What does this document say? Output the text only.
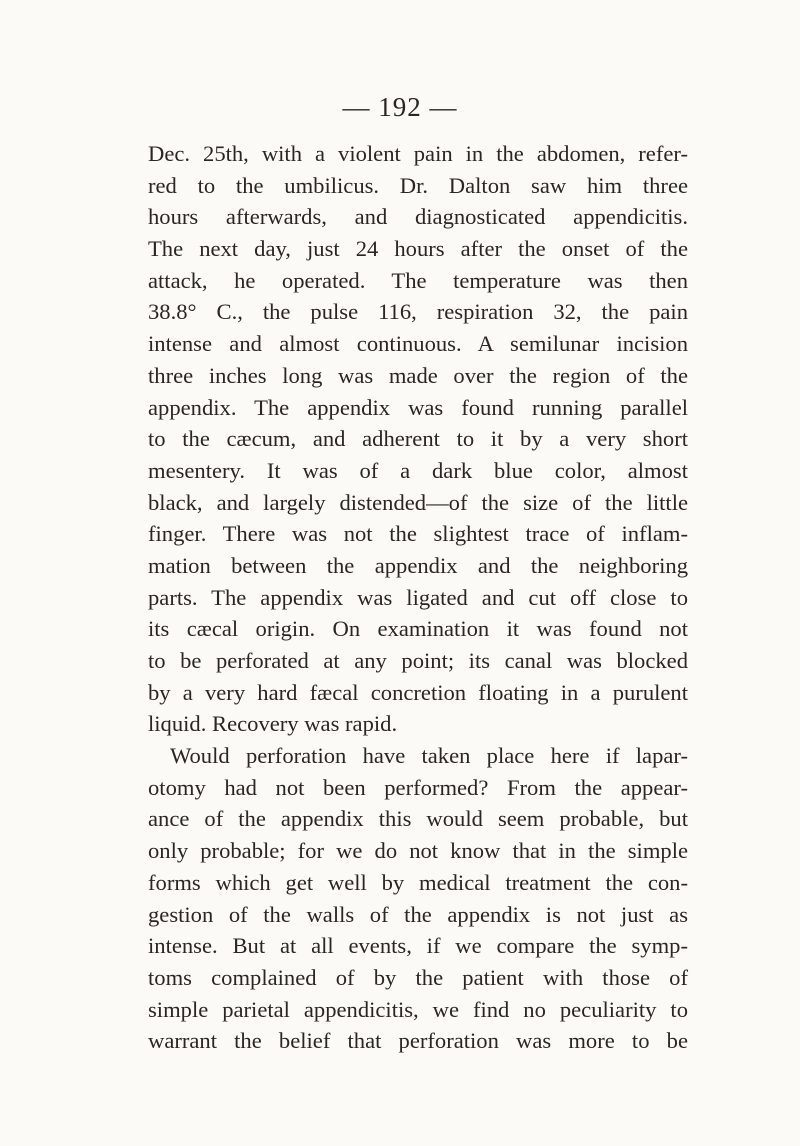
— 192 —
Dec. 25th, with a violent pain in the abdomen, refer-
red to the umbilicus. Dr. Dalton saw him three
hours afterwards, and diagnosticated appendicitis.
The next day, just 24 hours after the onset of the
attack, he operated. The temperature was then
38.8° C., the pulse 116, respiration 32, the pain
intense and almost continuous. A semilunar incision
three inches long was made over the region of the
appendix. The appendix was found running parallel
to the cæcum, and adherent to it by a very short
mesentery. It was of a dark blue color, almost
black, and largely distended—of the size of the little
finger. There was not the slightest trace of inflam-
mation between the appendix and the neighboring
parts. The appendix was ligated and cut off close to
its cæcal origin. On examination it was found not
to be perforated at any point; its canal was blocked
by a very hard fæcal concretion floating in a purulent
liquid. Recovery was rapid.
Would perforation have taken place here if lapar-
otomy had not been performed? From the appear-
ance of the appendix this would seem probable, but
only probable; for we do not know that in the simple
forms which get well by medical treatment the con-
gestion of the walls of the appendix is not just as
intense. But at all events, if we compare the symp-
toms complained of by the patient with those of
simple parietal appendicitis, we find no peculiarity to
warrant the belief that perforation was more to be
